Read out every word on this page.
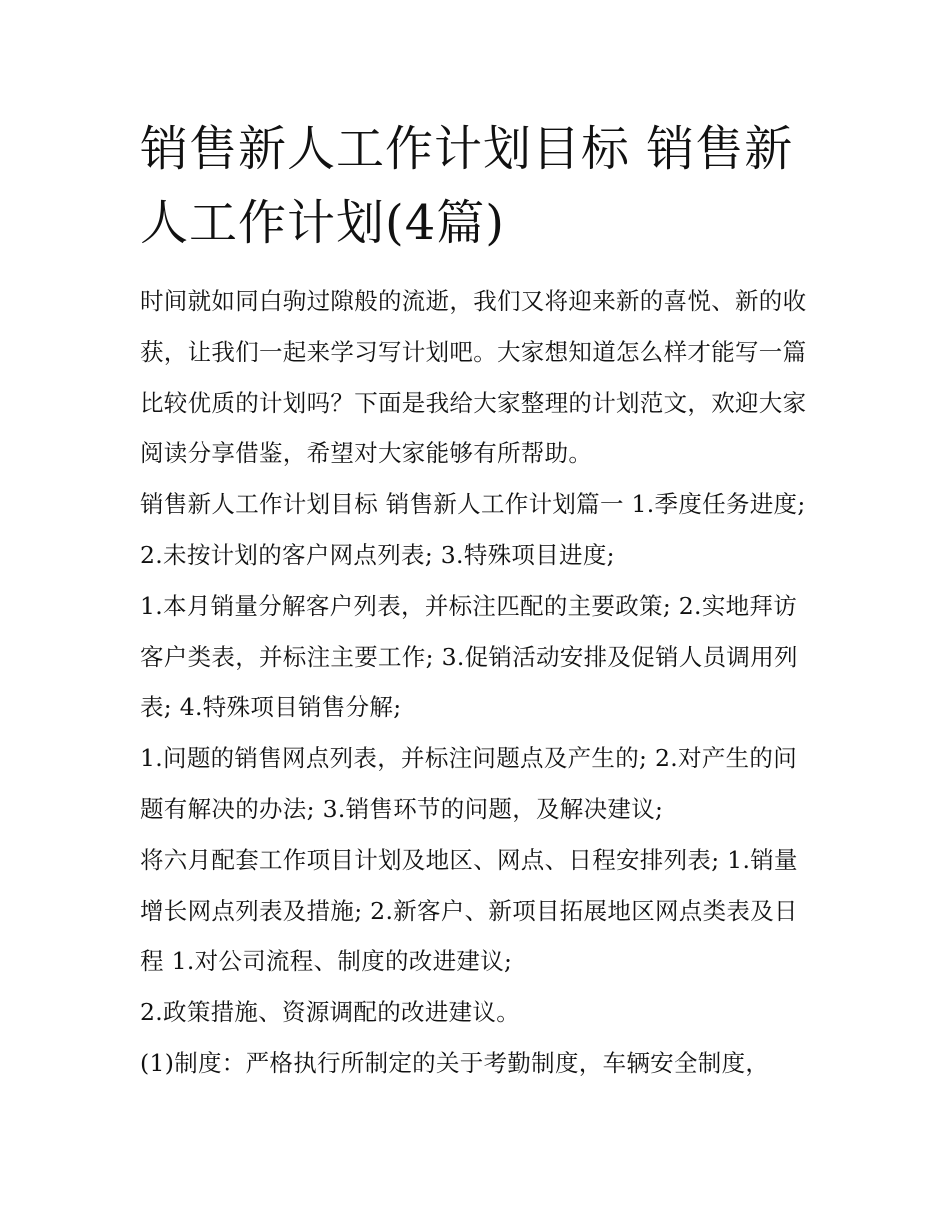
销售新人工作计划目标 销售新人工作计划(4篇)

时间就如同白驹过隙般的流逝，我们又将迎来新的喜悦、新的收获，让我们一起来学习写计划吧。大家想知道怎么样才能写一篇比较优质的计划吗？下面是我给大家整理的计划范文，欢迎大家阅读分享借鉴，希望对大家能够有所帮助。

销售新人工作计划目标 销售新人工作计划篇一 1.季度任务进度; 2.未按计划的客户网点列表; 3.特殊项目进度;

1.本月销量分解客户列表，并标注匹配的主要政策; 2.实地拜访客户类表，并标注主要工作; 3.促销活动安排及促销人员调用列表; 4.特殊项目销售分解;

1.问题的销售网点列表，并标注问题点及产生的; 2.对产生的问题有解决的办法; 3.销售环节的问题，及解决建议;

将六月配套工作项目计划及地区、网点、日程安排列表; 1.销量增长网点列表及措施; 2.新客户、新项目拓展地区网点类表及日程 1.对公司流程、制度的改进建议;

2.政策措施、资源调配的改进建议。

(1)制度：严格执行所制定的关于考勤制度，车辆安全制度，
